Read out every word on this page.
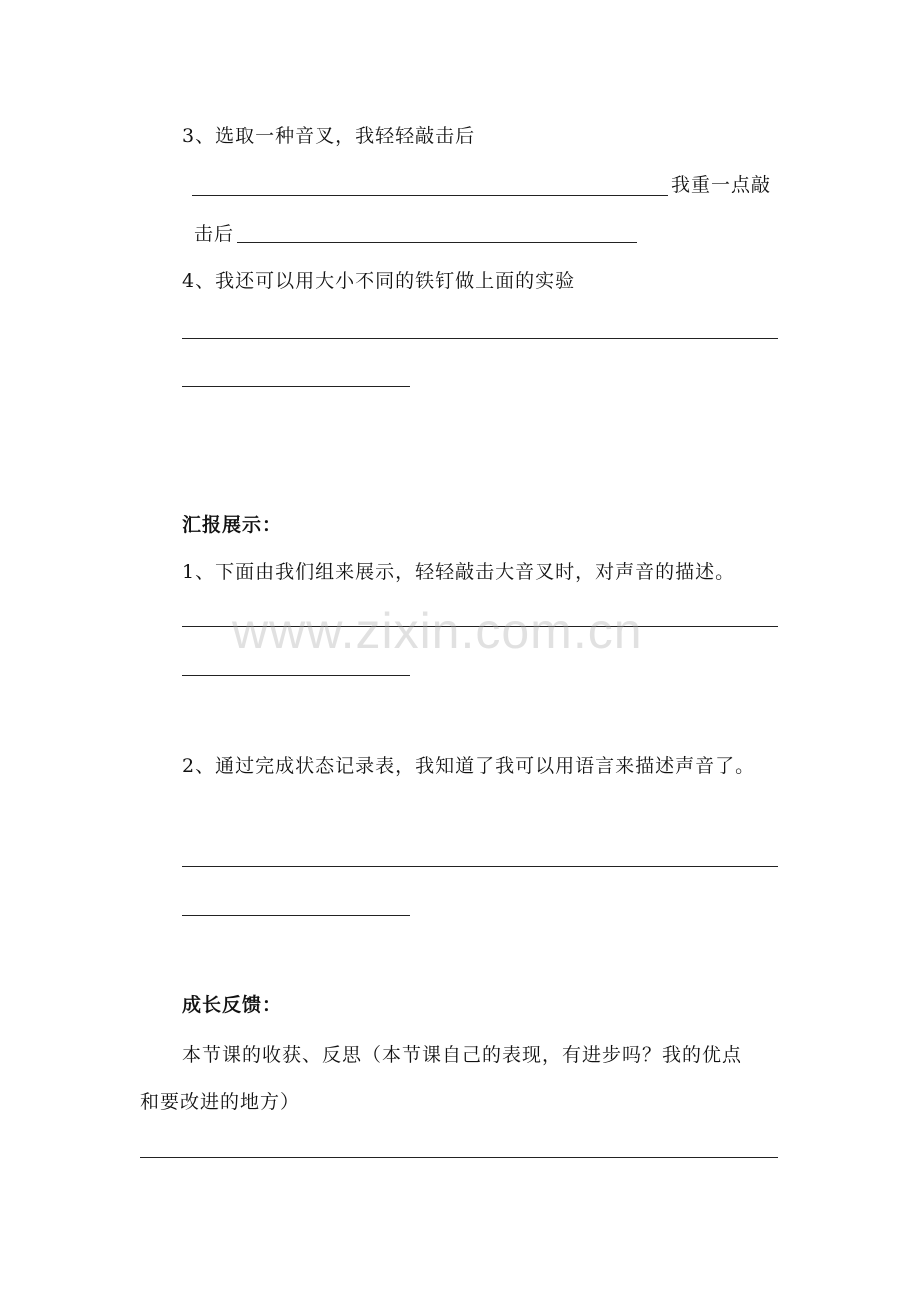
3、选取一种音叉，我轻轻敲击后
我重一点敲
击后
4、我还可以用大小不同的铁钉做上面的实验
汇报展示：
1、下面由我们组来展示，轻轻敲击大音叉时，对声音的描述。
2、通过完成状态记录表，我知道了我可以用语言来描述声音了。
成长反馈：
本节课的收获、反思（本节课自己的表现，有进步吗？我的优点
和要改进的地方）
www.zixin.com.cn
